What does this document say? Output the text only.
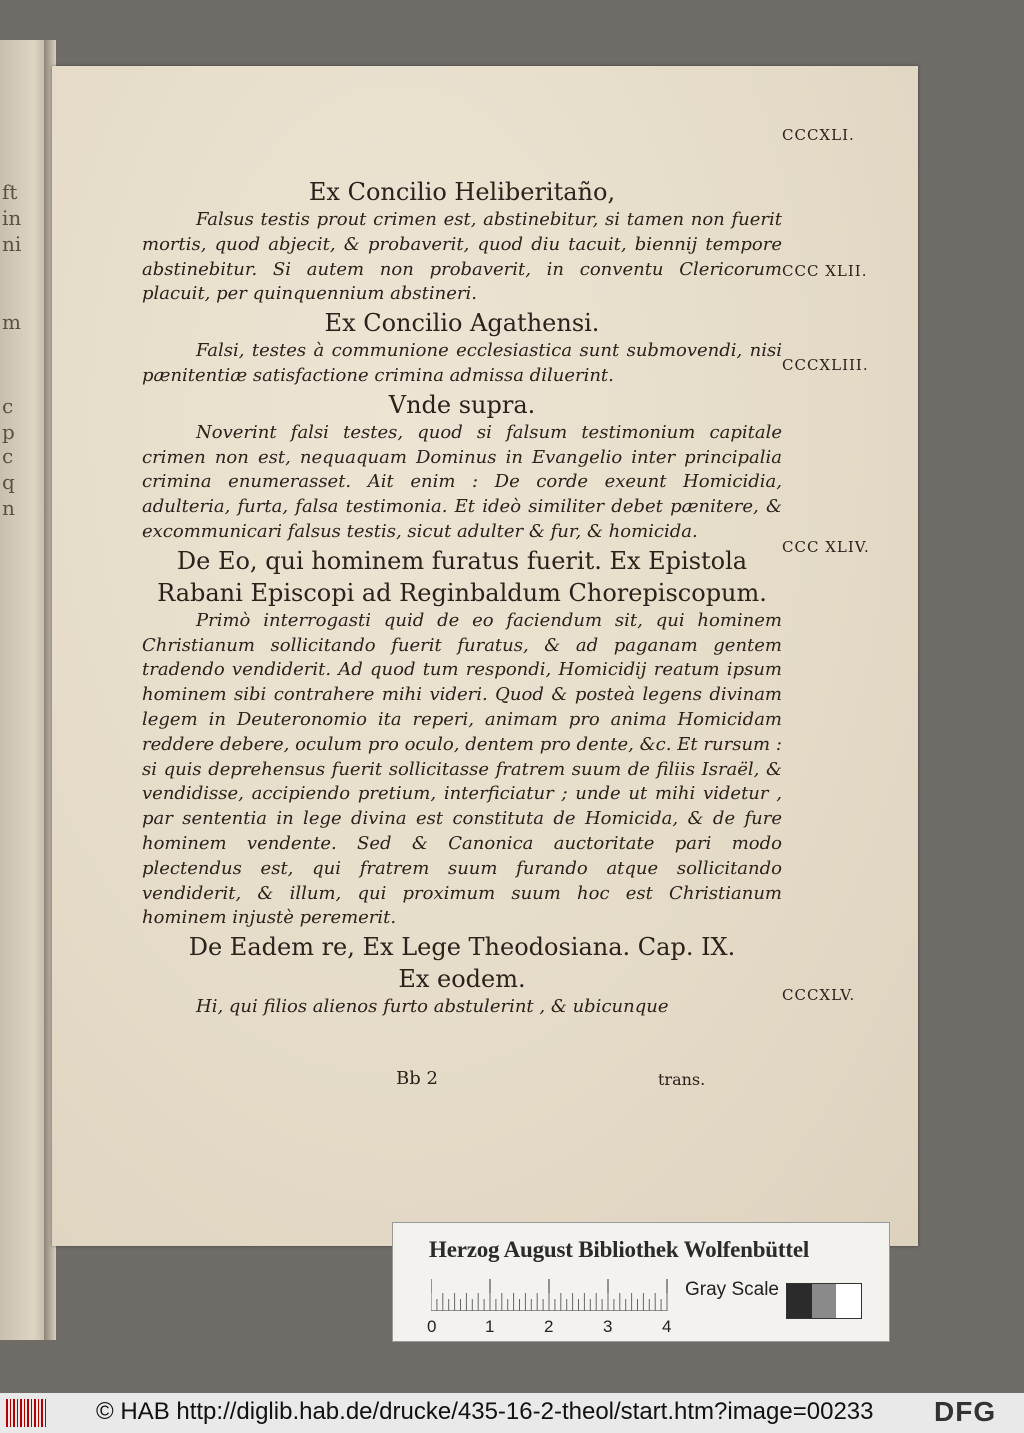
ft
in
ni
m
c
p
c
q
n
Ex Concilio Heliberitaño,

Falsus testis prout crimen est, abstinebitur, si tamen non fuerit mortis, quod abjecit, & probaverit, quod diu tacuit, biennij tempore abstinebitur. Si autem non probaverit, in conventu Clericorum placuit, per quinquennium abstineri.

Ex Concilio Agathensi.

Falsi, testes à communione ecclesiastica sunt submovendi, nisi pænitentiæ satisfactione crimina admissa diluerint.

Vnde supra.

Noverint falsi testes, quod si falsum testimonium capitale crimen non est, nequaquam Dominus in Evangelio inter principalia crimina enumerasset. Ait enim : De corde exeunt Homicidia, adulteria, furta, falsa testimonia. Et ideò similiter debet pænitere, & excommunicari falsus testis, sicut adulter & fur, & homicida.

De Eo, qui hominem furatus fuerit. Ex Epistola Rabani Episcopi ad Reginbaldum Chorepiscopum.

Primò interrogasti quid de eo faciendum sit, qui hominem Christianum sollicitando fuerit furatus, & ad paganam gentem tradendo vendiderit. Ad quod tum respondi, Homicidij reatum ipsum hominem sibi contrahere mihi videri. Quod & posteà legens divinam legem in Deuteronomio ita reperi, animam pro anima Homicidam reddere debere, oculum pro oculo, dentem pro dente, &c. Et rursum : si quis deprehensus fuerit sollicitasse fratrem suum de filiis Israël, & vendidisse, accipiendo pretium, interficiatur ; unde ut mihi videtur , par sententia in lege divina est constituta de Homicida, & de fure hominem vendente. Sed & Canonica auctoritate pari modo plectendus est, qui fratrem suum furando atque sollicitando vendiderit, & illum, qui proximum suum hoc est Christianum hominem injustè peremerit.

De Eadem re, Ex Lege Theodosiana. Cap. IX.
Ex eodem.

Hi, qui filios alienos furto abstulerint , & ubicunque

CCCXLI.
CCC XLII.
CCCXLIII.
CCC XLIV.
CCCXLV.
Bb 2	trans.
Herzog August Bibliothek Wolfenbüttel
0	1	2	3	4
Gray Scale
© HAB http://diglib.hab.de/drucke/435-16-2-theol/start.htm?image=00233 DFG
